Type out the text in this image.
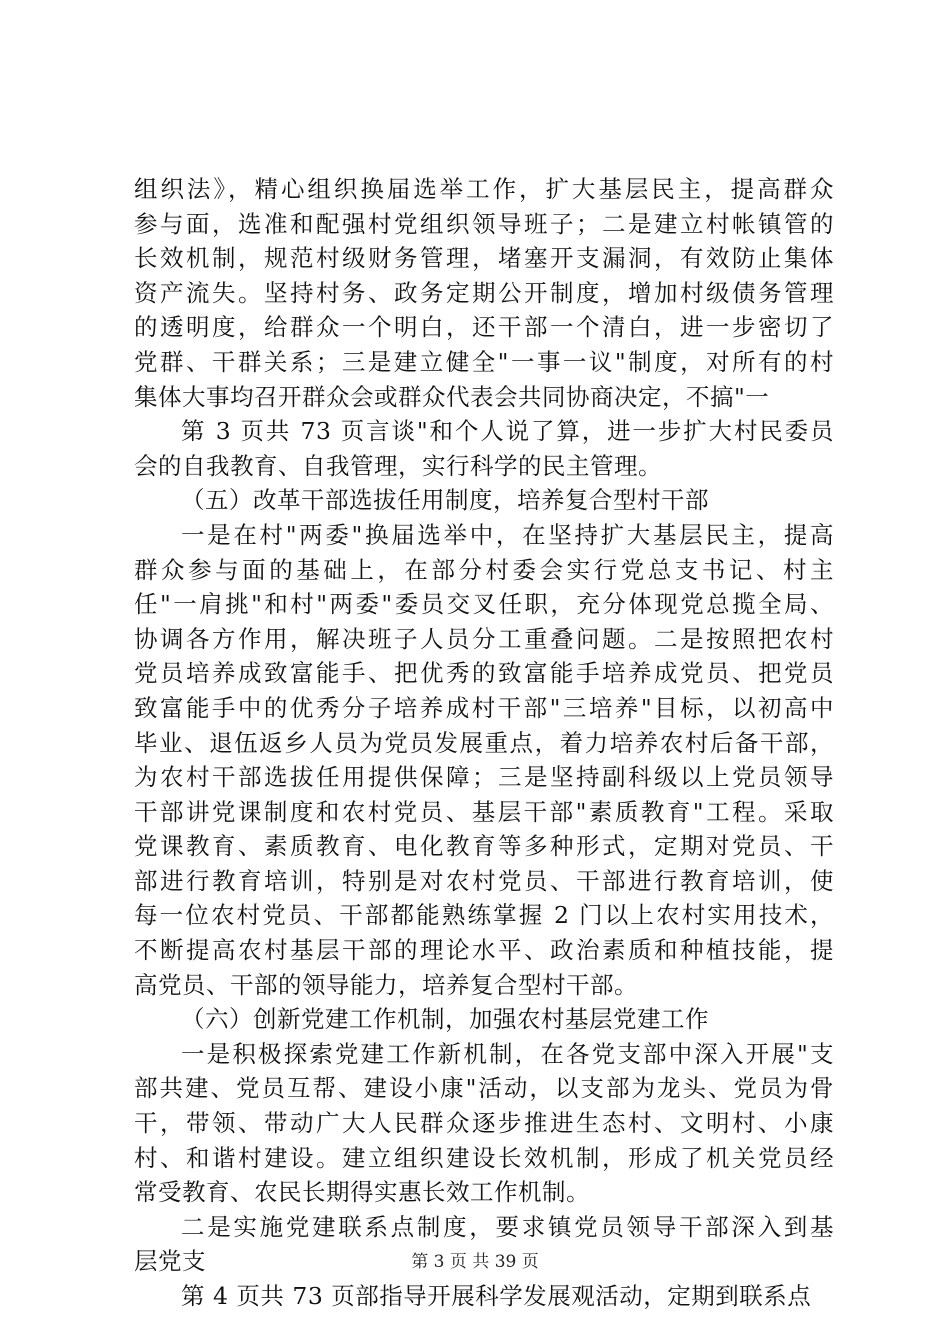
组织法》，精心组织换届选举工作，扩大基层民主，提高群众
参与面，选准和配强村党组织领导班子；二是建立村帐镇管的
长效机制，规范村级财务管理，堵塞开支漏洞，有效防止集体
资产流失。坚持村务、政务定期公开制度，增加村级债务管理
的透明度，给群众一个明白，还干部一个清白，进一步密切了
党群、干群关系；三是建立健全"一事一议"制度，对所有的村
集体大事均召开群众会或群众代表会共同协商决定，不搞"一
第 3 页共 73 页言谈"和个人说了算，进一步扩大村民委员
会的自我教育、自我管理，实行科学的民主管理。
（五）改革干部选拔任用制度，培养复合型村干部
一是在村"两委"换届选举中，在坚持扩大基层民主，提高
群众参与面的基础上，在部分村委会实行党总支书记、村主
任"一肩挑"和村"两委"委员交叉任职，充分体现党总揽全局、
协调各方作用，解决班子人员分工重叠问题。二是按照把农村
党员培养成致富能手、把优秀的致富能手培养成党员、把党员
致富能手中的优秀分子培养成村干部"三培养"目标，以初高中
毕业、退伍返乡人员为党员发展重点，着力培养农村后备干部，
为农村干部选拔任用提供保障；三是坚持副科级以上党员领导
干部讲党课制度和农村党员、基层干部"素质教育"工程。采取
党课教育、素质教育、电化教育等多种形式，定期对党员、干
部进行教育培训，特别是对农村党员、干部进行教育培训，使
每一位农村党员、干部都能熟练掌握 2 门以上农村实用技术，
不断提高农村基层干部的理论水平、政治素质和种植技能，提
高党员、干部的领导能力，培养复合型村干部。
（六）创新党建工作机制，加强农村基层党建工作
一是积极探索党建工作新机制，在各党支部中深入开展"支
部共建、党员互帮、建设小康"活动，以支部为龙头、党员为骨
干，带领、带动广大人民群众逐步推进生态村、文明村、小康
村、和谐村建设。建立组织建设长效机制，形成了机关党员经
常受教育、农民长期得实惠长效工作机制。
二是实施党建联系点制度，要求镇党员领导干部深入到基
层党支
第 4 页共 73 页部指导开展科学发展观活动，定期到联系点
第 3 页 共 39 页
